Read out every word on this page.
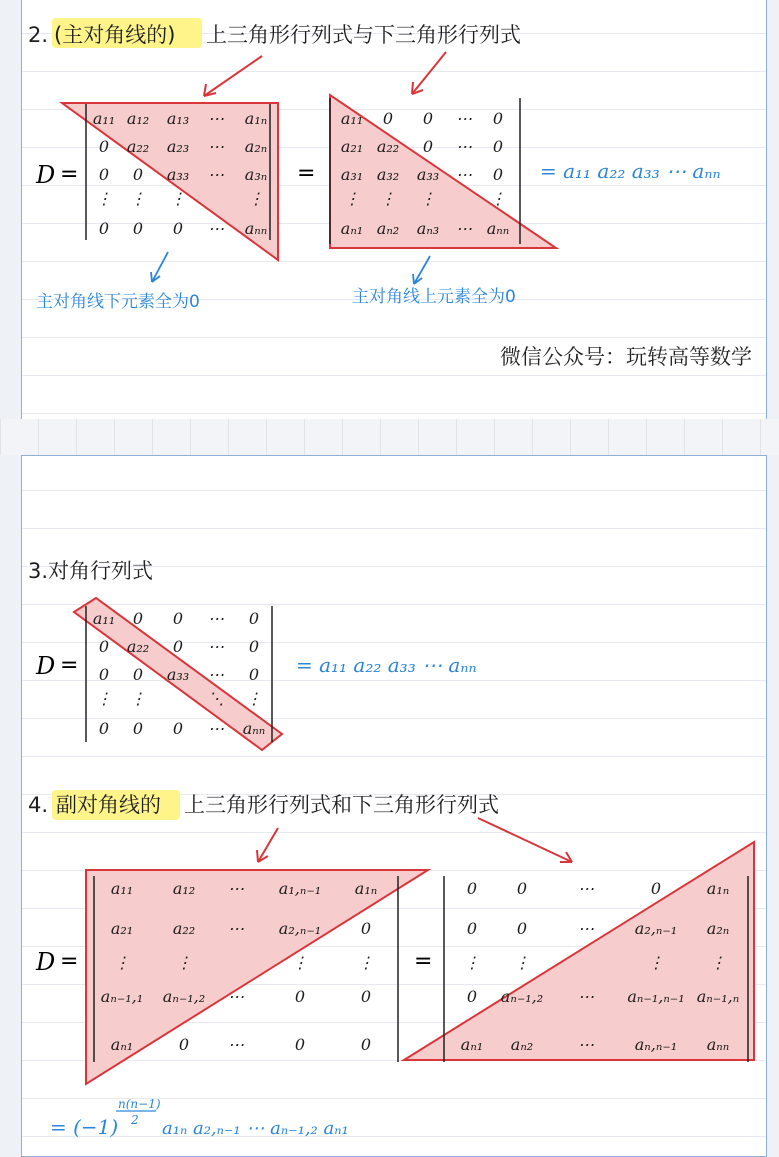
2. (主对角线的) 上三角形行列式与下三角形行列式
D =
a₁₁ a₁₂ a₁₃ ⋯ a₁ₙ
0 a₂₂ a₂₃ ⋯ a₂ₙ
0 0 a₃₃ ⋯ a₃ₙ
⋮ ⋮ ⋮	⋮
0 0 0 ⋯ aₙₙ
=
a₁₁ 0 0 ⋯ 0
a₂₁ a₂₂ 0 ⋯ 0
a₃₁ a₃₂ a₃₃ ⋯ 0
⋮ ⋮ ⋮	⋮
aₙ₁ aₙ₂ aₙ₃ ⋯ aₙₙ
= a₁₁ a₂₂ a₃₃ ⋯ aₙₙ
主对角线下元素全为0	主对角线上元素全为0
微信公众号：玩转高等数学
3.对角行列式
D =
a₁₁ 0 0 ⋯ 0
0 a₂₂ 0 ⋯ 0
0 0 a₃₃ ⋯ 0
⋮ ⋮	⋱ ⋮
0 0 0 ⋯ aₙₙ
= a₁₁ a₂₂ a₃₃ ⋯ aₙₙ
4. 副对角线的 上三角形行列式和下三角形行列式
D =
a₁₁ a₁₂ ⋯ a₁,ₙ₋₁ a₁ₙ
a₂₁ a₂₂ ⋯ a₂,ₙ₋₁ 0
⋮	⋮	⋮	⋮
aₙ₋₁,₁ aₙ₋₁,₂ ⋯	0	0
aₙ₁	0 ⋯	0	0
=
0 0	⋯	0	a₁ₙ
0 0	⋯	a₂,ₙ₋₁ a₂ₙ
⋮ ⋮	⋮	⋮
0 aₙ₋₁,₂ ⋯ aₙ₋₁,ₙ₋₁ aₙ₋₁,ₙ
aₙ₁ aₙ₂	⋯	aₙ,ₙ₋₁ aₙₙ
= (−1)
n(n−1)
2 a₁ₙ a₂,ₙ₋₁ ⋯ aₙ₋₁,₂ aₙ₁
